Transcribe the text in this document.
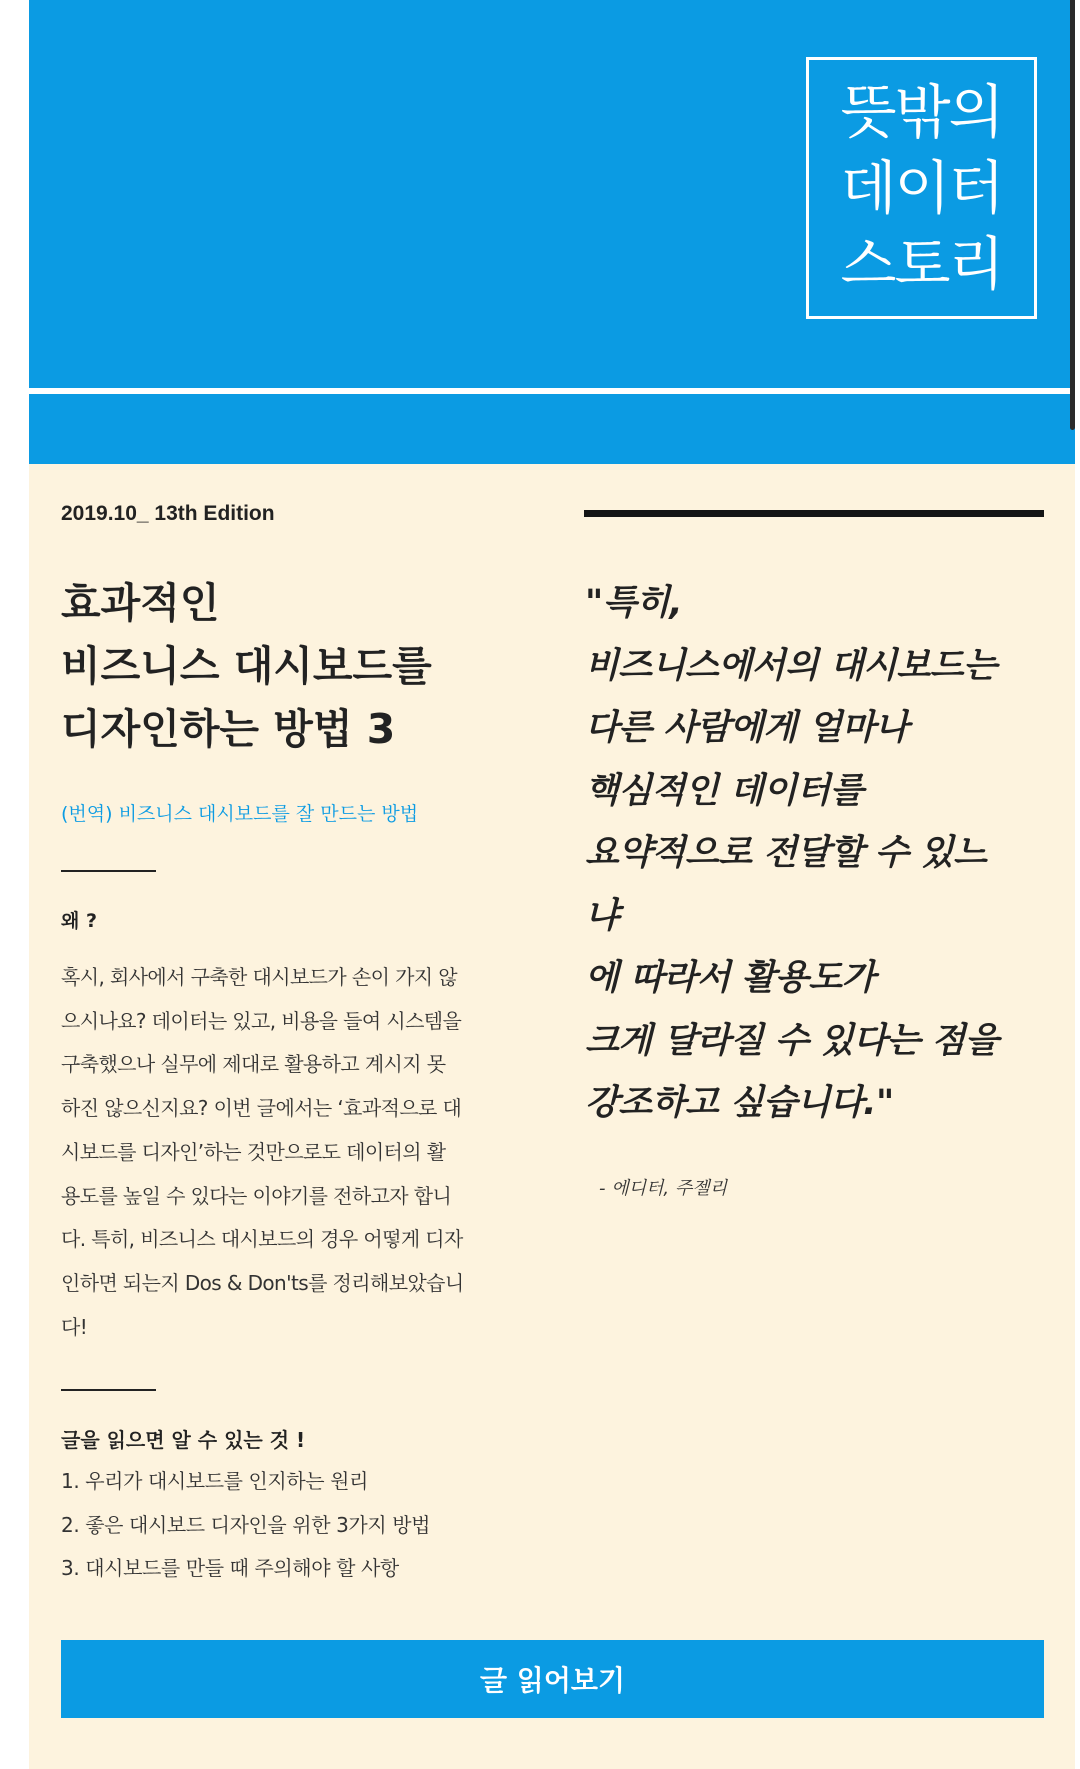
뜻밖의
데이터
스토리
2019.10_ 13th Edition
효과적인
비즈니스 대시보드를
디자인하는 방법 3
(번역) 비즈니스 대시보드를 잘 만드는 방법
왜 ?
혹시, 회사에서 구축한 대시보드가 손이 가지 않
으시나요? 데이터는 있고, 비용을 들여 시스템을
구축했으나 실무에 제대로 활용하고 계시지 못
하진 않으신지요? 이번 글에서는 ‘효과적으로 대
시보드를 디자인’하는 것만으로도 데이터의 활
용도를 높일 수 있다는 이야기를 전하고자 합니
다. 특히, 비즈니스 대시보드의 경우 어떻게 디자
인하면 되는지 Dos & Don'ts를 정리해보았습니
다!
글을 읽으면 알 수 있는 것 !
1. 우리가 대시보드를 인지하는 원리
2. 좋은 대시보드 디자인을 위한 3가지 방법
3. 대시보드를 만들 때 주의해야 할 사항
"특히,
비즈니스에서의 대시보드는
다른 사람에게 얼마나
핵심적인 데이터를
요약적으로 전달할 수 있느
냐
에 따라서 활용도가
크게 달라질 수 있다는 점을
강조하고 싶습니다."
- 에디터, 주젤리
글 읽어보기
